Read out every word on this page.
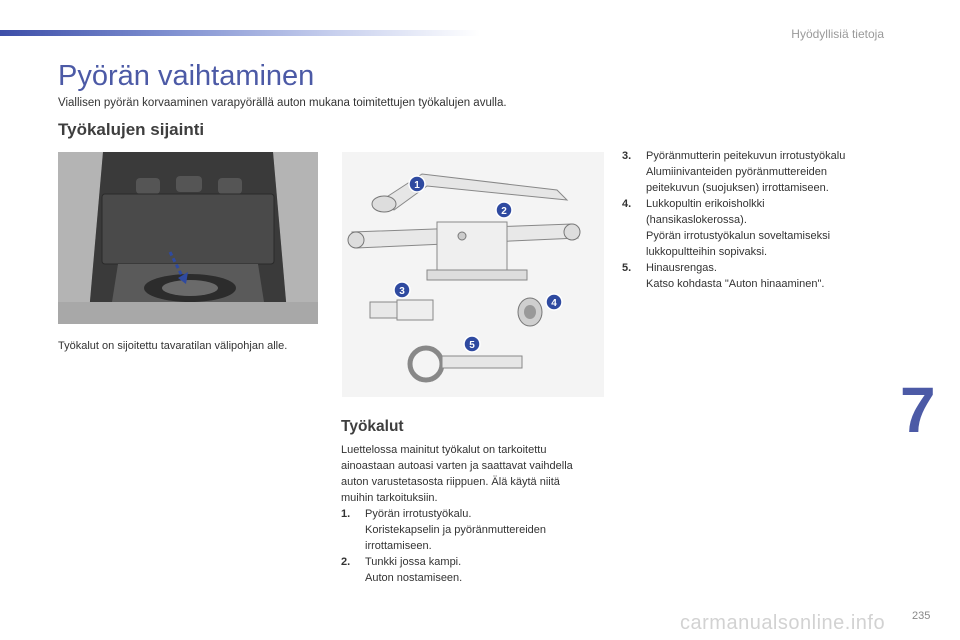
Hyödyllisiä tietoja
Pyörän vaihtaminen
Viallisen pyörän korvaaminen varapyörällä auton mukana toimitettujen työkalujen avulla.
Työkalujen sijainti
Työkalut on sijoitettu tavaratilan välipohjan alle.
1
2
3
4
5
Työkalut
Luettelossa mainitut työkalut on tarkoitettu
ainoastaan autoasi varten ja saattavat vaihdella
auton varustetasosta riippuen. Älä käytä niitä
muihin tarkoituksiin.
1. Pyörän irrotustyökalu.
Koristekapselin ja pyöränmuttereiden
irrottamiseen.
2. Tunkki jossa kampi.
Auton nostamiseen.
3. Pyöränmutterin peitekuvun irrotustyökalu
Alumiinivanteiden pyöränmuttereiden
peitekuvun (suojuksen) irrottamiseen.
4. Lukkopultin erikoisholkki
(hansikaslokerossa).
Pyörän irrotustyökalun soveltamiseksi
lukkopultteihin sopivaksi.
5. Hinausrengas.
Katso kohdasta "Auton hinaaminen".
7
carmanualsonline.info 235
